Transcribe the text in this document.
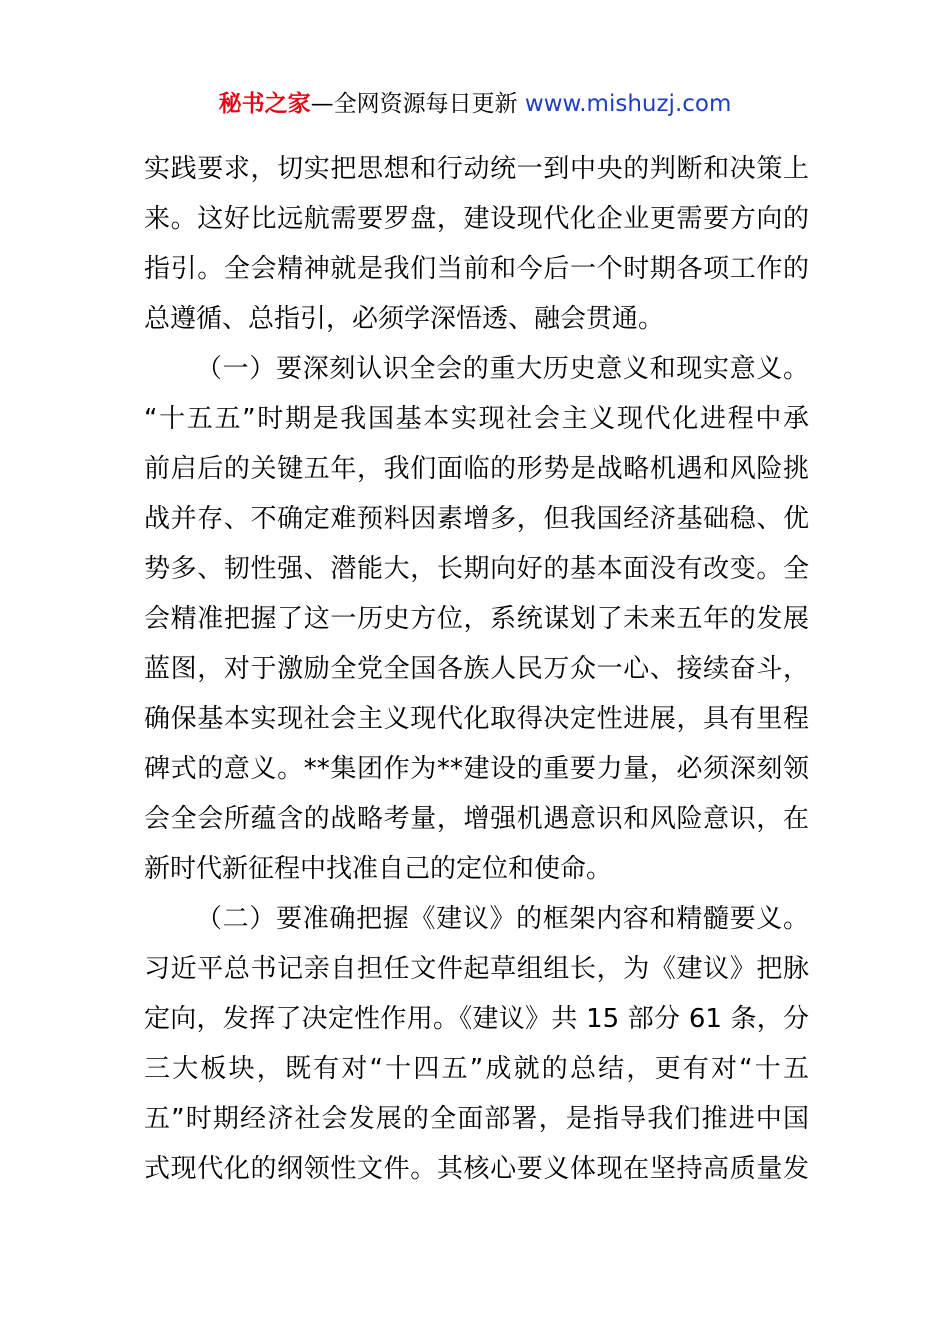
秘书之家—全网资源每日更新 www.mishuzj.com
实践要求，切实把思想和行动统一到中央的判断和决策上
来。这好比远航需要罗盘，建设现代化企业更需要方向的
指引。全会精神就是我们当前和今后一个时期各项工作的
总遵循、总指引，必须学深悟透、融会贯通。
（一）要深刻认识全会的重大历史意义和现实意义。
“十五五”时期是我国基本实现社会主义现代化进程中承
前启后的关键五年，我们面临的形势是战略机遇和风险挑
战并存、不确定难预料因素增多，但我国经济基础稳、优
势多、韧性强、潜能大，长期向好的基本面没有改变。全
会精准把握了这一历史方位，系统谋划了未来五年的发展
蓝图，对于激励全党全国各族人民万众一心、接续奋斗，
确保基本实现社会主义现代化取得决定性进展，具有里程
碑式的意义。**集团作为**建设的重要力量，必须深刻领
会全会所蕴含的战略考量，增强机遇意识和风险意识，在
新时代新征程中找准自己的定位和使命。
（二）要准确把握《建议》的框架内容和精髓要义。
习近平总书记亲自担任文件起草组组长，为《建议》把脉
定向，发挥了决定性作用。《建议》共 15 部分 61 条，分
三大板块，既有对“十四五”成就的总结，更有对“十五
五”时期经济社会发展的全面部署，是指导我们推进中国
式现代化的纲领性文件。其核心要义体现在坚持高质量发
